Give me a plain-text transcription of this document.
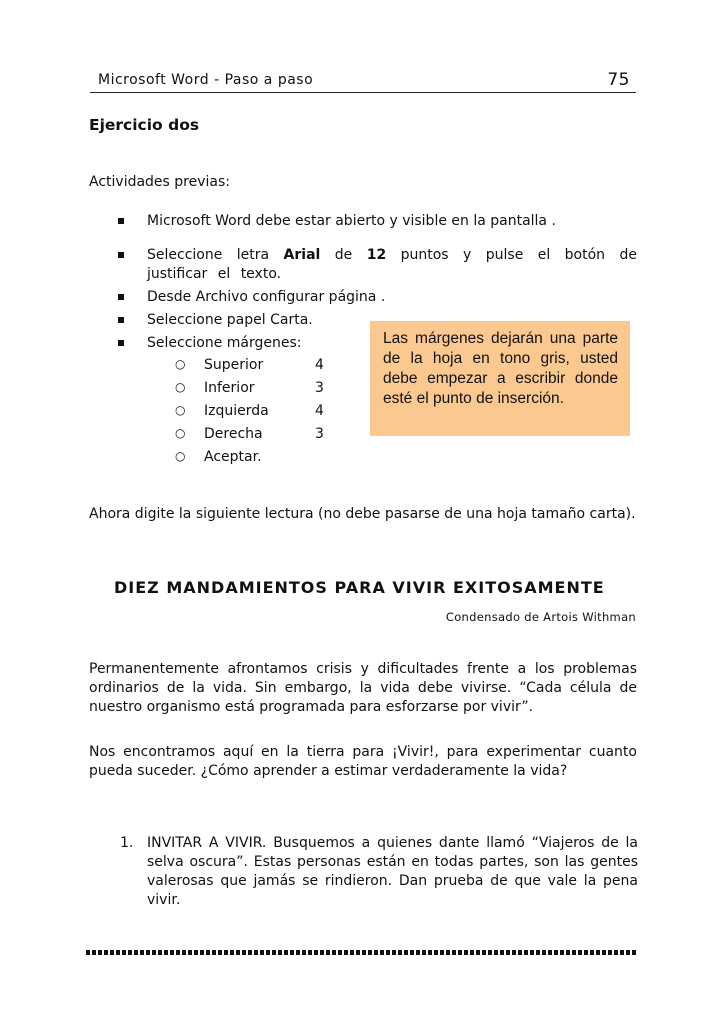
Microsoft Word - Paso a paso	75
Ejercicio dos
Actividades previas:
Microsoft Word debe estar abierto y visible en la pantalla .
Seleccione letra Arial de 12 puntos y pulse el botón de justificar el texto.
Desde Archivo configurar página .
Seleccione papel Carta.
Seleccione márgenes:
○ Superior	4
○ Inferior	3
○ Izquierda	4
○ Derecha	3
○ Aceptar.
Las márgenes dejarán una parte de la hoja en tono gris, usted debe empezar a escribir donde esté el punto de inserción.
Ahora digite la siguiente lectura (no debe pasarse de una hoja tamaño carta).
DIEZ MANDAMIENTOS PARA VIVIR EXITOSAMENTE
Condensado de Artois Withman
Permanentemente afrontamos crisis y dificultades frente a los problemas ordinarios de la vida. Sin embargo, la vida debe vivirse. “Cada célula de nuestro organismo está programada para esforzarse por vivir”.
Nos encontramos aquí en la tierra para ¡Vivir!, para experimentar cuanto pueda suceder. ¿Cómo aprender a estimar verdaderamente la vida?
1. INVITAR A VIVIR. Busquemos a quienes dante llamó “Viajeros de la selva oscura”. Estas personas están en todas partes, son las gentes valerosas que jamás se rindieron. Dan prueba de que vale la pena vivir.
